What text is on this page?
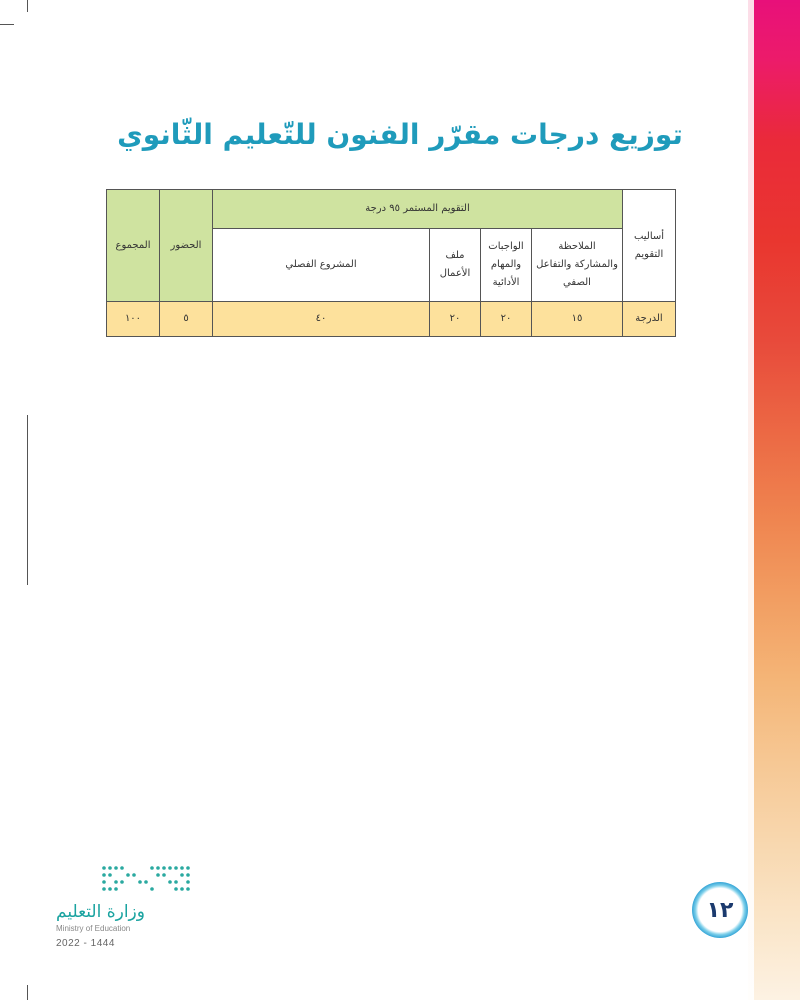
توزيع درجات مقرّر الفنون للتّعليم الثّانوي
أساليب التقويم	التقويم المستمر ٩٥ درجة				الحضور	المجموع
	الملاحظة والمشاركة والتفاعل الصفي	الواجبات والمهام الأدائية	ملف الأعمال	المشروع الفصلي		
الدرجة	١٥	٢٠	٢٠	٤٠	٥	١٠٠
وزارة التعليم
Ministry of Education
2022 - 1444
١٢
